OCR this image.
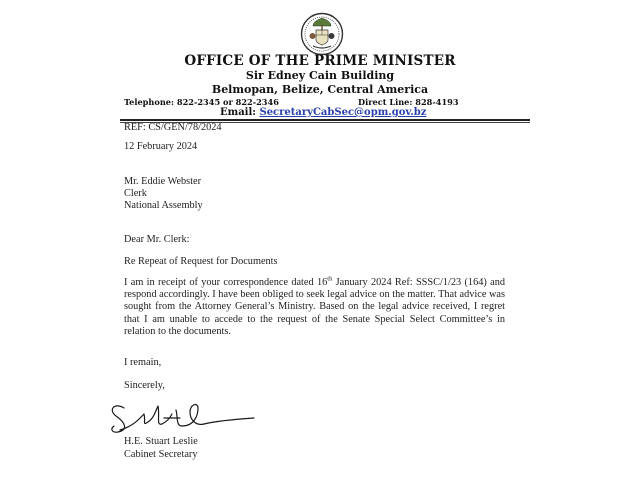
OFFICE OF THE PRIME MINISTER
Sir Edney Cain Building
Belmopan, Belize, Central America
Telephone: 822-2345 or 822-2346	Direct Line: 828-4193
Email: SecretaryCabSec@opm.gov.bz
REF: CS/GEN/78/2024
12 February 2024
Mr. Eddie Webster
Clerk
National Assembly
Dear Mr. Clerk:
Re Repeat of Request for Documents

I am in receipt of your correspondence dated 16th January 2024 Ref: SSSC/1/23 (164) and respond accordingly. I have been obliged to seek legal advice on the matter. That advice was sought from the Attorney General’s Ministry. Based on the legal advice received, I regret that I am unable to accede to the request of the Senate Special Select Committee’s in relation to the documents.

I remain,
Sincerely,
H.E. Stuart Leslie
Cabinet Secretary
